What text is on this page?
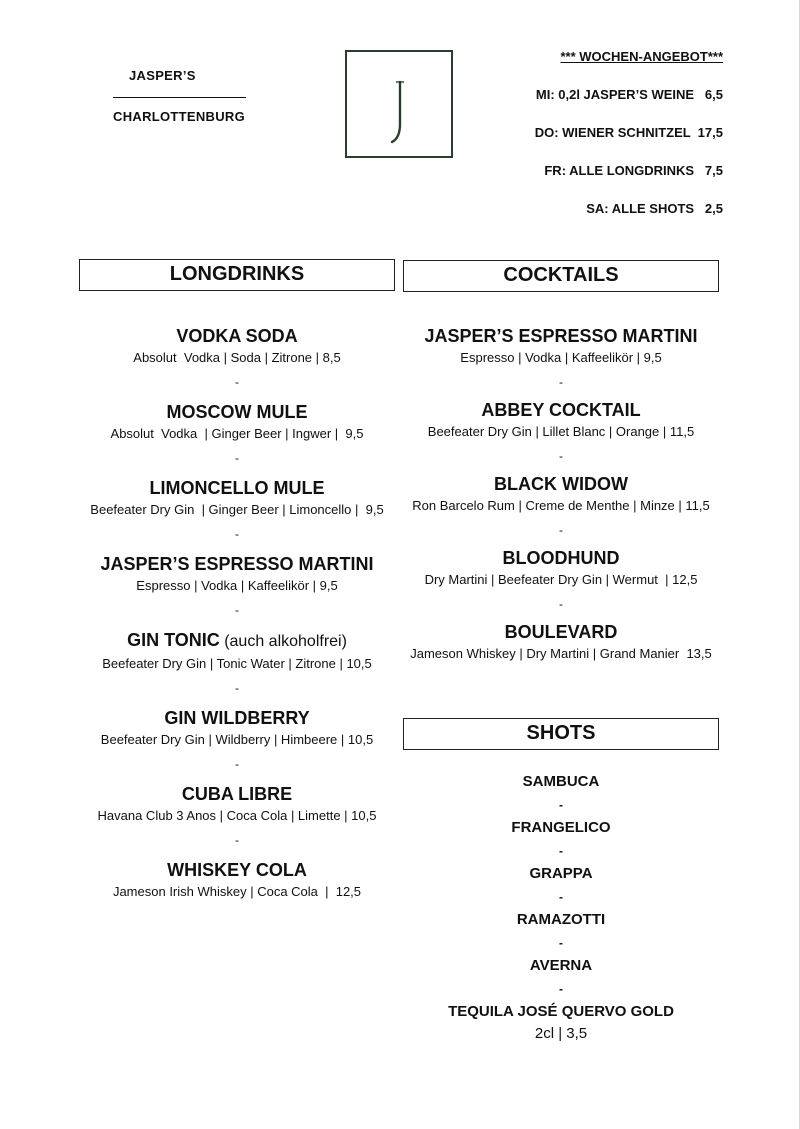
JASPER’S
CHARLOTTENBURG
*** WOCHEN-ANGEBOT***
MI: 0,2l JASPER’S WEINE   6,5
DO: WIENER SCHNITZEL  17,5
FR: ALLE LONGDRINKS   7,5
SA: ALLE SHOTS   2,5
LONGDRINKS	COCKTAILS
SHOTS
VODKA SODA
Absolut  Vodka | Soda | Zitrone | 8,5
-
MOSCOW MULE
Absolut  Vodka  | Ginger Beer | Ingwer |  9,5
-
LIMONCELLO MULE
Beefeater Dry Gin  | Ginger Beer | Limoncello |  9,5
-
JASPER’S ESPRESSO MARTINI
Espresso | Vodka | Kaffeelikör | 9,5
-
GIN TONIC (auch alkoholfrei)
Beefeater Dry Gin | Tonic Water | Zitrone | 10,5
-
GIN WILDBERRY
Beefeater Dry Gin | Wildberry | Himbeere | 10,5
-
CUBA LIBRE
Havana Club 3 Anos | Coca Cola | Limette | 10,5
-
WHISKEY COLA
Jameson Irish Whiskey | Coca Cola  |  12,5
JASPER’S ESPRESSO MARTINI
Espresso | Vodka | Kaffeelikör | 9,5
-
ABBEY COCKTAIL
Beefeater Dry Gin | Lillet Blanc | Orange | 11,5
-
BLACK WIDOW
Ron Barcelo Rum | Creme de Menthe | Minze | 11,5
-
BLOODHUND
Dry Martini | Beefeater Dry Gin | Wermut  | 12,5
-
BOULEVARD
Jameson Whiskey | Dry Martini | Grand Manier  13,5
SAMBUCA
-
FRANGELICO
-
GRAPPA
-
RAMAZOTTI
-
AVERNA
-
TEQUILA JOSÉ QUERVO GOLD
2cl | 3,5
